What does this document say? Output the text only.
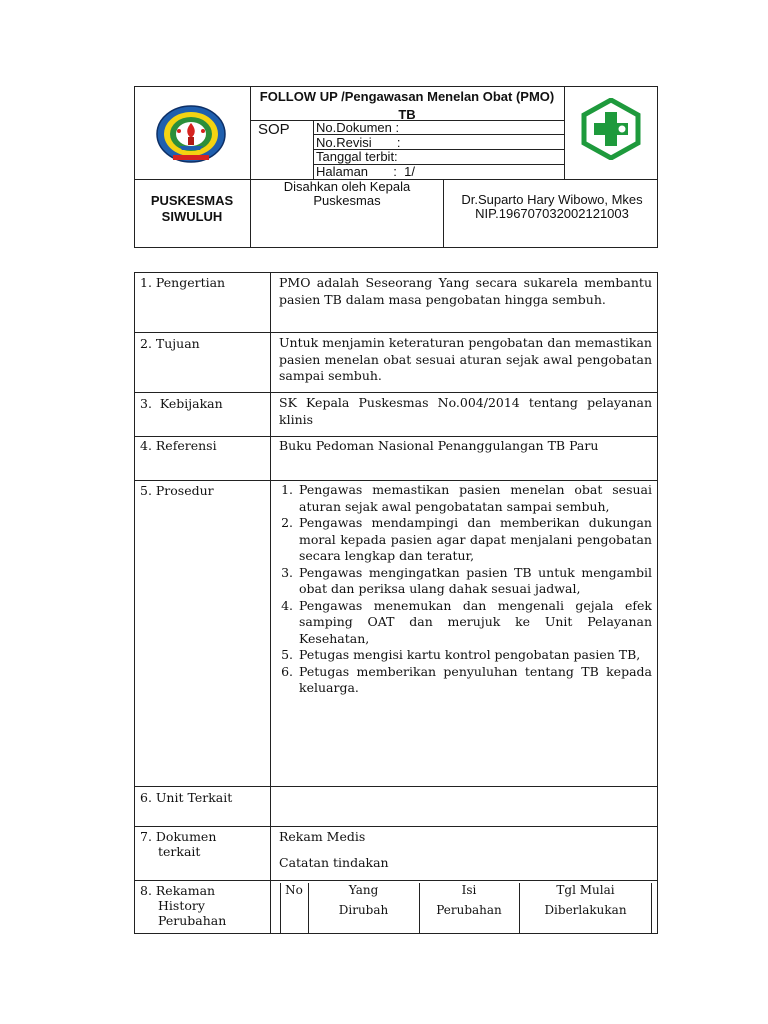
FOLLOW UP /Pengawasan Menelan Obat (PMO) TB
SOP No.Dokumen :
No.Revisi       :
Tanggal terbit:
Halaman       :  1/
PUSKESMAS SIWULUH
Disahkan oleh Kepala Puskesmas	Dr.Suparto Hary Wibowo, Mkes
NIP.196707032002121003
1. Pengertian	PMO adalah Seseorang Yang secara sukarela membantu pasien TB dalam masa pengobatan hingga sembuh.
2. Tujuan	Untuk menjamin keteraturan pengobatan dan memastikan pasien menelan obat sesuai aturan sejak awal pengobatan sampai sembuh.
3.  Kebijakan	SK Kepala Puskesmas No.004/2014 tentang pelayanan klinis
4. Referensi	Buku Pedoman Nasional Penanggulangan TB Paru
5. Prosedur
1.	Pengawas memastikan pasien menelan obat sesuai aturan sejak awal pengobatatan sampai sembuh,
2. Pengawas mendampingi dan memberikan dukungan moral kepada pasien agar dapat menjalani pengobatan secara lengkap dan teratur,
3. Pengawas mengingatkan pasien TB untuk mengambil obat dan periksa ulang dahak sesuai jadwal,
4. Pengawas menemukan dan mengenali gejala efek samping OAT dan merujuk ke Unit Pelayanan Kesehatan,
5. Petugas mengisi kartu kontrol pengobatan pasien TB,
6. Petugas memberikan penyuluhan tentang TB kepada keluarga.
6. Unit Terkait
7. Dokumen
terkait
Rekam Medis
Catatan tindakan
8. Rekaman
History
Perubahan
No	Yang
Dirubah
Isi
Perubahan
Tgl Mulai
Diberlakukan
